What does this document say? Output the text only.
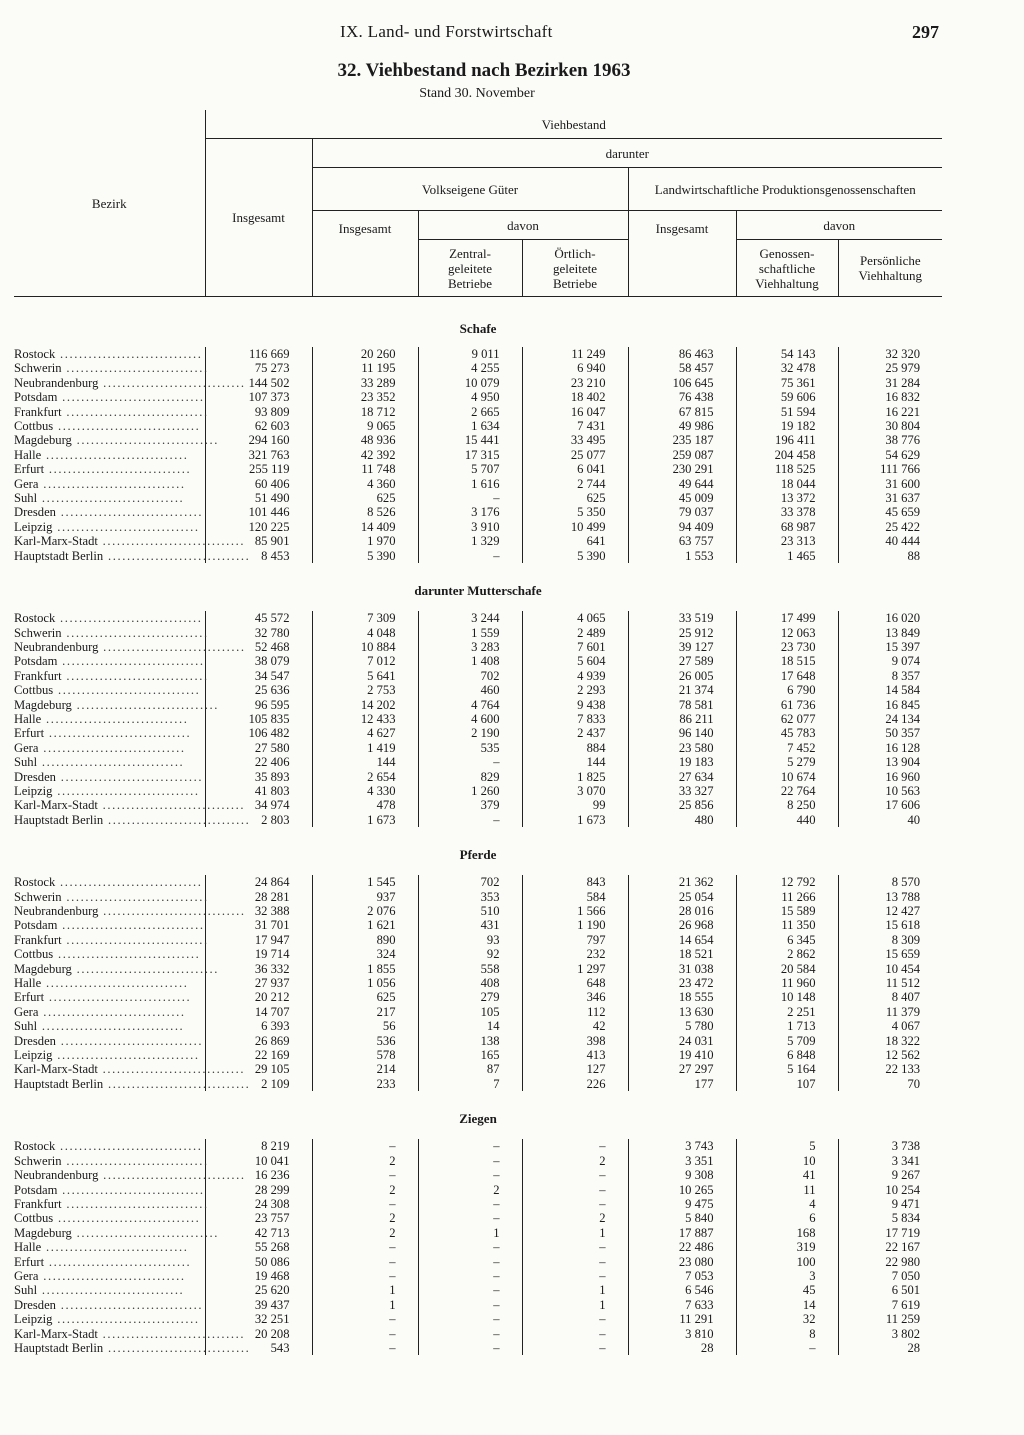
IX. Land- und Forstwirtschaft	297
32. Viehbestand nach Bezirken 1963
Stand 30. November
Bezirk	Viehbestand						
	Insgesamt	darunter					
		Volkseigene Güter			Landwirtschaftliche Produktionsgenossenschaften		
		Insgesamt	davon		Insgesamt	davon	
			Zentral-geleitete Betriebe	Örtlich-geleitete Betriebe		Genossen-schaftliche Viehhaltung	Persönliche Viehhaltung
Schafe							
Rostock ..............................	116 669	20 260	9 011	11 249	86 463	54 143	32 320
Schwerin ..............................	75 273	11 195	4 255	6 940	58 457	32 478	25 979
Neubrandenburg ..............................	144 502	33 289	10 079	23 210	106 645	75 361	31 284
Potsdam ..............................	107 373	23 352	4 950	18 402	76 438	59 606	16 832
Frankfurt ..............................	93 809	18 712	2 665	16 047	67 815	51 594	16 221
Cottbus ..............................	62 603	9 065	1 634	7 431	49 986	19 182	30 804
Magdeburg ..............................	294 160	48 936	15 441	33 495	235 187	196 411	38 776
Halle ..............................	321 763	42 392	17 315	25 077	259 087	204 458	54 629
Erfurt ..............................	255 119	11 748	5 707	6 041	230 291	118 525	111 766
Gera ..............................	60 406	4 360	1 616	2 744	49 644	18 044	31 600
Suhl ..............................	51 490	625	–	625	45 009	13 372	31 637
Dresden ..............................	101 446	8 526	3 176	5 350	79 037	33 378	45 659
Leipzig ..............................	120 225	14 409	3 910	10 499	94 409	68 987	25 422
Karl-Marx-Stadt ..............................	85 901	1 970	1 329	641	63 757	23 313	40 444
Hauptstadt Berlin ..............................	8 453	5 390	–	5 390	1 553	1 465	88
darunter Mutterschafe							
Rostock ..............................	45 572	7 309	3 244	4 065	33 519	17 499	16 020
Schwerin ..............................	32 780	4 048	1 559	2 489	25 912	12 063	13 849
Neubrandenburg ..............................	52 468	10 884	3 283	7 601	39 127	23 730	15 397
Potsdam ..............................	38 079	7 012	1 408	5 604	27 589	18 515	9 074
Frankfurt ..............................	34 547	5 641	702	4 939	26 005	17 648	8 357
Cottbus ..............................	25 636	2 753	460	2 293	21 374	6 790	14 584
Magdeburg ..............................	96 595	14 202	4 764	9 438	78 581	61 736	16 845
Halle ..............................	105 835	12 433	4 600	7 833	86 211	62 077	24 134
Erfurt ..............................	106 482	4 627	2 190	2 437	96 140	45 783	50 357
Gera ..............................	27 580	1 419	535	884	23 580	7 452	16 128
Suhl ..............................	22 406	144	–	144	19 183	5 279	13 904
Dresden ..............................	35 893	2 654	829	1 825	27 634	10 674	16 960
Leipzig ..............................	41 803	4 330	1 260	3 070	33 327	22 764	10 563
Karl-Marx-Stadt ..............................	34 974	478	379	99	25 856	8 250	17 606
Hauptstadt Berlin ..............................	2 803	1 673	–	1 673	480	440	40
Pferde							
Rostock ..............................	24 864	1 545	702	843	21 362	12 792	8 570
Schwerin ..............................	28 281	937	353	584	25 054	11 266	13 788
Neubrandenburg ..............................	32 388	2 076	510	1 566	28 016	15 589	12 427
Potsdam ..............................	31 701	1 621	431	1 190	26 968	11 350	15 618
Frankfurt ..............................	17 947	890	93	797	14 654	6 345	8 309
Cottbus ..............................	19 714	324	92	232	18 521	2 862	15 659
Magdeburg ..............................	36 332	1 855	558	1 297	31 038	20 584	10 454
Halle ..............................	27 937	1 056	408	648	23 472	11 960	11 512
Erfurt ..............................	20 212	625	279	346	18 555	10 148	8 407
Gera ..............................	14 707	217	105	112	13 630	2 251	11 379
Suhl ..............................	6 393	56	14	42	5 780	1 713	4 067
Dresden ..............................	26 869	536	138	398	24 031	5 709	18 322
Leipzig ..............................	22 169	578	165	413	19 410	6 848	12 562
Karl-Marx-Stadt ..............................	29 105	214	87	127	27 297	5 164	22 133
Hauptstadt Berlin ..............................	2 109	233	7	226	177	107	70
Ziegen							
Rostock ..............................	8 219	–	–	–	3 743	5	3 738
Schwerin ..............................	10 041	2	–	2	3 351	10	3 341
Neubrandenburg ..............................	16 236	–	–	–	9 308	41	9 267
Potsdam ..............................	28 299	2	2	–	10 265	11	10 254
Frankfurt ..............................	24 308	–	–	–	9 475	4	9 471
Cottbus ..............................	23 757	2	–	2	5 840	6	5 834
Magdeburg ..............................	42 713	2	1	1	17 887	168	17 719
Halle ..............................	55 268	–	–	–	22 486	319	22 167
Erfurt ..............................	50 086	–	–	–	23 080	100	22 980
Gera ..............................	19 468	–	–	–	7 053	3	7 050
Suhl ..............................	25 620	1	–	1	6 546	45	6 501
Dresden ..............................	39 437	1	–	1	7 633	14	7 619
Leipzig ..............................	32 251	–	–	–	11 291	32	11 259
Karl-Marx-Stadt ..............................	20 208	–	–	–	3 810	8	3 802
Hauptstadt Berlin ..............................	543	–	–	–	28	–	28
